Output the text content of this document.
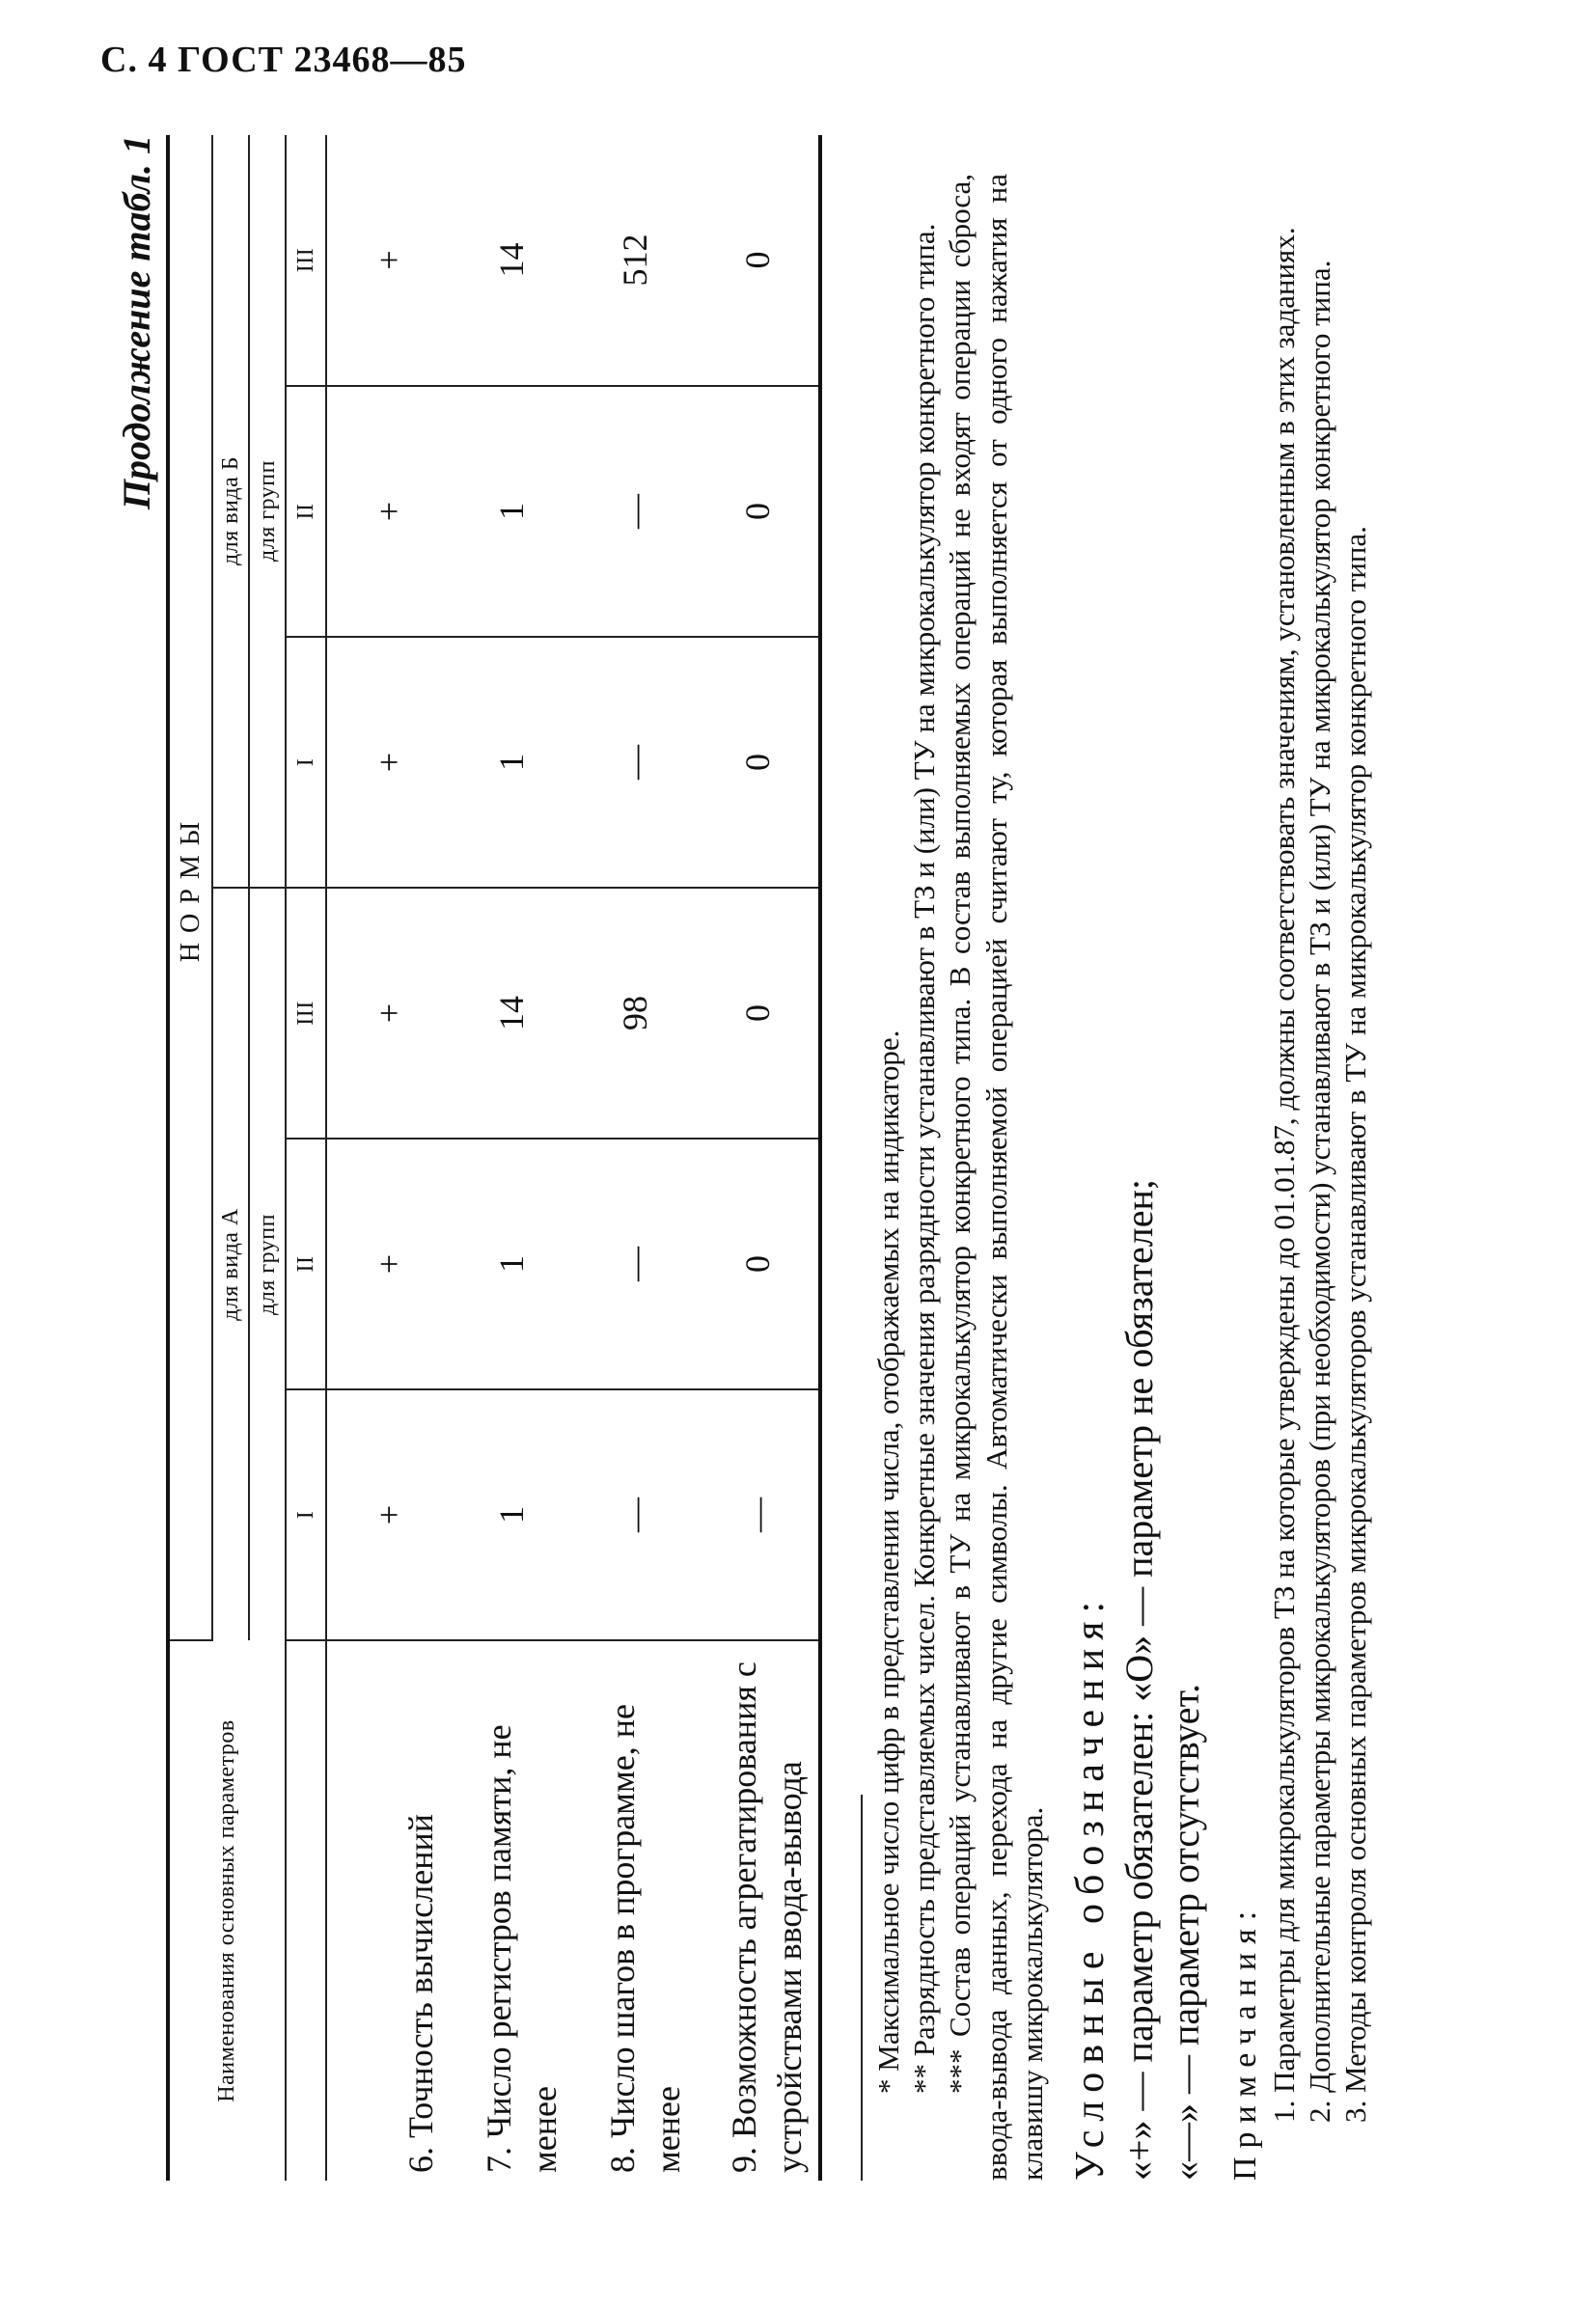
С. 4 ГОСТ 23468—85
Продолжение табл. 1
Наименования основных параметров	НОРМЫ					
	для вида А			для вида Б		
	для групп			для групп		
	I	II	III	I	II	III
6. Точность вычислений	+	+	+	+	+	+
7. Число регистров памяти, не менее	1	1	14	1	1	14
8. Число шагов в программе, не менее	—	—	98	—	—	512
9. Возможность агрегатирования с устройствами ввода-вывода	—	0	0	0	0	0

* Максимальное число цифр в представлении числа, отображаемых на индикаторе. ** Разрядность представляемых чисел. Конкретные значения разрядности устанавливают в ТЗ и (или) ТУ на микрокалькулятор конкретного типа. *** Состав операций устанавливают в ТУ на микрокалькулятор конкретного типа. В состав выполняемых операций не входят операции сброса, ввода-вывода данных, перехода на другие символы. Автоматически выполняемой операцией считают ту, которая выполняется от одного нажатия на клавишу микрокалькулятора. Условные обозначения: «+» — параметр обязателен: «О» — параметр не обязателен; «—» — параметр отсутствует. Примечания: 1. Параметры для микрокалькуляторов ТЗ на которые утверждены до 01.01.87, должны соответствовать значениям, установленным в этих заданиях. 2. Дополнительные параметры микрокалькуляторов (при необходимости) устанавливают в ТЗ и (или) ТУ на микрокалькулятор конкретного типа. 3. Методы контроля основных параметров микрокалькуляторов устанавливают в ТУ на микрокалькулятор конкретного типа.
